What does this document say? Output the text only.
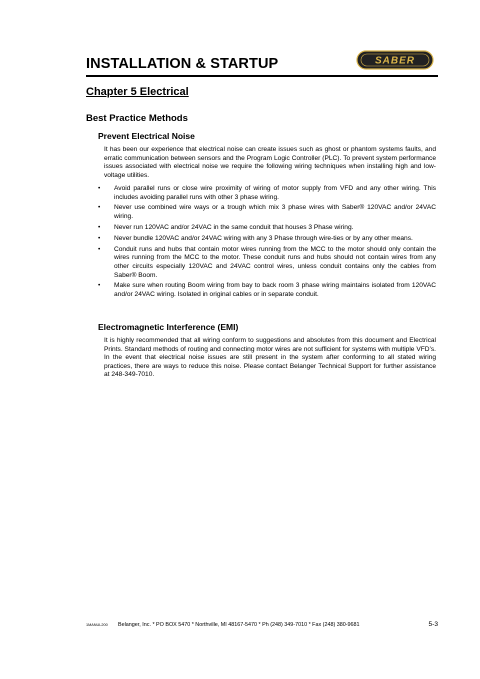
INSTALLATION & STARTUP	SABER
Chapter 5 Electrical
Best Practice Methods
Prevent Electrical Noise
It has been our experience that electrical noise can create issues such as ghost or phantom systems faults, and erratic communication between sensors and the Program Logic Controller (PLC). To prevent system performance issues associated with electrical noise we require the following wiring techniques when installing high and low-voltage utilities.
• Avoid parallel runs or close wire proximity of wiring of motor supply from VFD and any other wiring. This includes avoiding parallel runs with other 3 phase wiring.
• Never use combined wire ways or a trough which mix 3 phase wires with Saber® 120VAC and/or 24VAC wiring.
• Never run 120VAC and/or 24VAC in the same conduit that houses 3 Phase wiring.
• Never bundle 120VAC and/or 24VAC wiring with any 3 Phase through wire-ties or by any other means.
• Conduit runs and hubs that contain motor wires running from the MCC to the motor should only contain the wires running from the MCC to the motor. These conduit runs and hubs should not contain wires from any other circuits especially 120VAC and 24VAC control wires, unless conduit contains only the cables from Saber® Boom.
• Make sure when routing Boom wiring from bay to back room 3 phase wiring maintains isolated from 120VAC and/or 24VAC wiring. Isolated in original cables or in separate conduit.
Electromagnetic Interference (EMI)
It is highly recommended that all wiring conform to suggestions and absolutes from this document and Electrical Prints. Standard methods of routing and connecting motor wires are not sufficient for systems with multiple VFD’s. In the event that electrical noise issues are still present in the system after conforming to all stated wiring practices, there are ways to reduce this noise. Please contact Belanger Technical Support for further assistance at 248-349-7010.
1MANUL200 Belanger, Inc. * PO BOX 5470 * Northville, MI 48167-5470 * Ph (248) 349-7010 * Fax (248) 380-9681	5-3
